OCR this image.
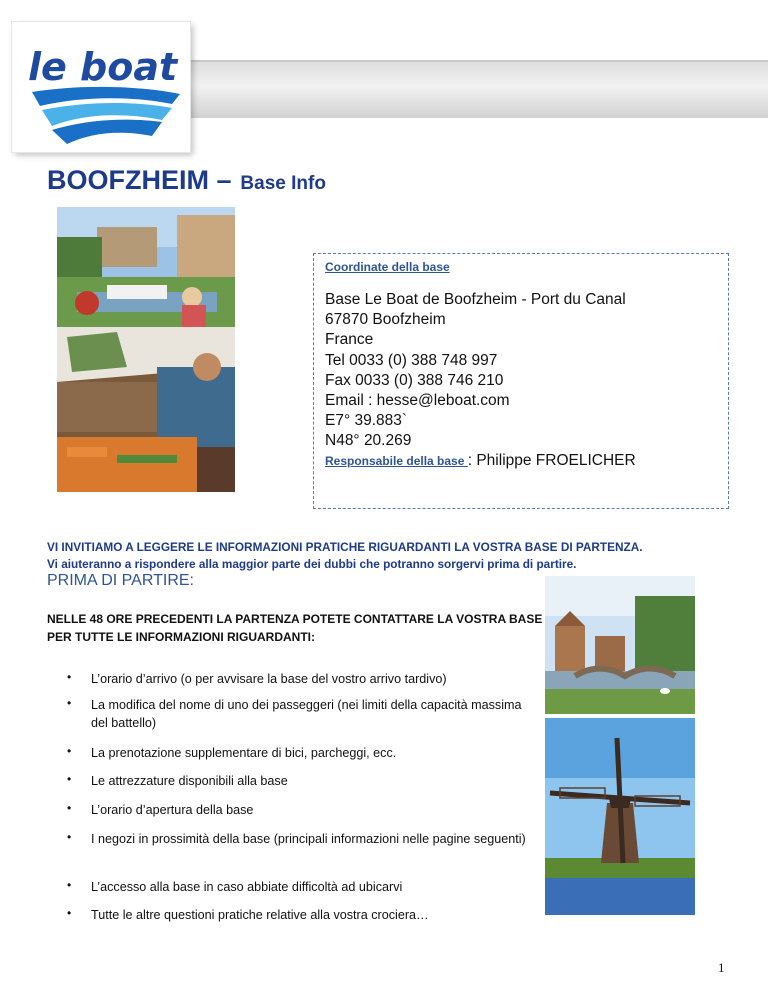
le boat
BOOFZHEIM – Base Info
Coordinate della base
Base Le Boat de Boofzheim - Port du Canal
67870 Boofzheim
France
Tel 0033 (0) 388 748 997
Fax 0033 (0) 388 746 210
Email : hesse@leboat.com
E7° 39.883`
N48° 20.269
Responsabile della base : Philippe FROELICHER
VI INVITIAMO A LEGGERE LE INFORMAZIONI PRATICHE RIGUARDANTI LA VOSTRA BASE DI PARTENZA.
Vi aiuteranno a rispondere alla maggior parte dei dubbi che potranno sorgervi prima di partire.
PRIMA DI PARTIRE:
NELLE 48 ORE PRECEDENTI LA PARTENZA POTETE CONTATTARE LA VOSTRA BASE PER TUTTE LE INFORMAZIONI RIGUARDANTI:
• L’orario d’arrivo (o per avvisare la base del vostro arrivo tardivo)
• La modifica del nome di uno dei passeggeri (nei limiti della capacità massima del battello)
• La prenotazione supplementare di bici, parcheggi, ecc.
• Le attrezzature disponibili alla base
• L’orario d’apertura della base
• I negozi in prossimità della base (principali informazioni nelle pagine seguenti)
• L’accesso alla base in caso abbiate difficoltà ad ubicarvi
• Tutte le altre questioni pratiche relative alla vostra crociera…
1
